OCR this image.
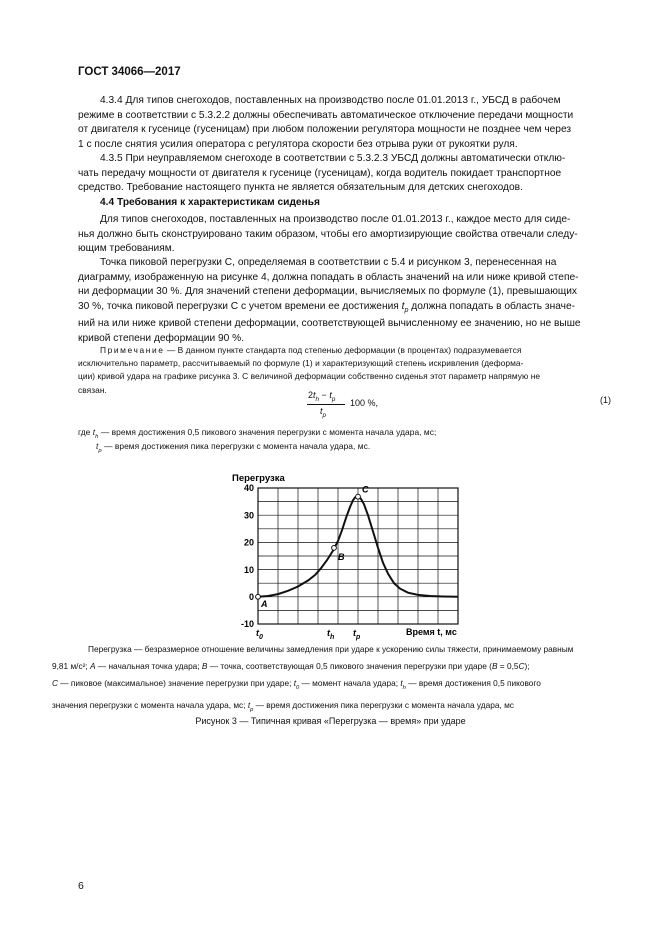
ГОСТ 34066—2017
4.3.4 Для типов снегоходов, поставленных на производство после 01.01.2013 г., УБСД в рабочем
режиме в соответствии с 5.3.2.2 должны обеспечивать автоматическое отключение передачи мощности
от двигателя к гусенице (гусеницам) при любом положении регулятора мощности не позднее чем через
1 с после снятия усилия оператора с регулятора скорости без отрыва руки от рукоятки руля.
4.3.5 При неуправляемом снегоходе в соответствии с 5.3.2.3 УБСД должны автоматически отклю-
чать передачу мощности от двигателя к гусенице (гусеницам), когда водитель покидает транспортное
средство. Требование настоящего пункта не является обязательным для детских снегоходов.
4.4 Требования к характеристикам сиденья
Для типов снегоходов, поставленных на производство после 01.01.2013 г., каждое место для сиде-
нья должно быть сконструировано таким образом, чтобы его амортизирующие свойства отвечали следу-
ющим требованиям.
Точка пиковой перегрузки С, определяемая в соответствии с 5.4 и рисунком 3, перенесенная на
диаграмму, изображенную на рисунке 4, должна попадать в область значений на или ниже кривой степе-
ни деформации 30 %. Для значений степени деформации, вычисляемых по формуле (1), превышающих
30 %, точка пиковой перегрузки С с учетом времени ее достижения $t_p$ должна попадать в область значе-
ний на или ниже кривой степени деформации, соответствующей вычисленному ее значению, но не выше
кривой степени деформации 90 %.
Примечание — В данном пункте стандарта под степенью деформации (в процентах) подразумевается
исключительно параметр, рассчитываемый по формуле (1) и характеризующий степень искривления (деформа-
ции) кривой удара на графике рисунка 3. С величиной деформации собственно сиденья этот параметр напрямую не
связан.
$2t_h - t_p$
$t_p$
100 %,	(1)
где $t_h$ — время достижения 0,5 пикового значения перегрузки с момента начала удара, мс;
$t_p$ — время достижения пика перегрузки с момента начала удара, мс.
Перегрузка
40
30
20
10
0
-10
A
B
C
$t_0$	$t_h$ $t_p$
Время t, мс
Перегрузка — безразмерное отношение величины замедления при ударе к ускорению силы тяжести, принимаемому равным
9,81 м/с²; А — начальная точка удара; В — точка, соответствующая 0,5 пикового значения перегрузки при ударе (В = 0,5С);
С — пиковое (максимальное) значение перегрузки при ударе; $t_0$ — момент начала удара; $t_h$ — время достижения 0,5 пикового
значения перегрузки с момента начала удара, мс; $t_p$ — время достижения пика перегрузки с момента начала удара, мс
Рисунок 3 — Типичная кривая «Перегрузка — время» при ударе
6
